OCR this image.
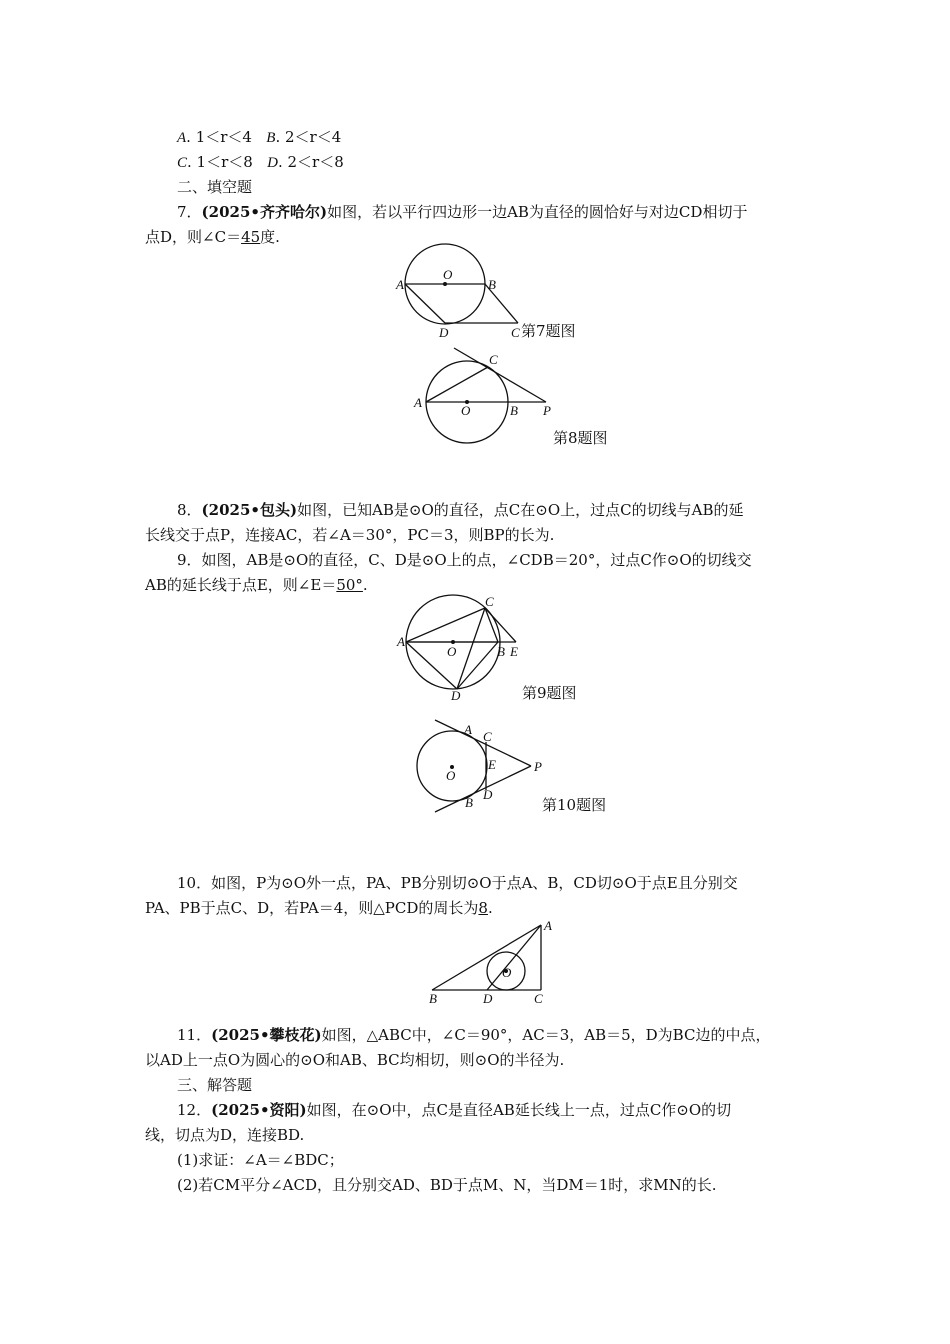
A. 1＜r＜4 B. 2＜r＜4
C. 1＜r＜8 D. 2＜r＜8
二、填空题
7．(2025•齐齐哈尔)如图，若以平行四边形一边AB为直径的圆恰好与对边CD相切于
点D，则∠C＝45度.
A
O
B
D	C 第7题图
A
O	B
C
P
第8题图
8．(2025•包头)如图，已知AB是⊙O的直径，点C在⊙O上，过点C的切线与AB的延
长线交于点P，连接AC，若∠A＝30°，PC＝3，则BP的长为.
9．如图，AB是⊙O的直径，C、D是⊙O上的点，∠CDB＝20°，过点C作⊙O的切线交
AB的延长线于点E，则∠E＝50°.
A
O	B E
C
D	第9题图
O
A C
E
D
B
P
第10题图
10．如图，P为⊙O外一点，PA、PB分别切⊙O于点A、B，CD切⊙O于点E且分别交
PA、PB于点C、D，若PA＝4，则△PCD的周长为8.
A
B	D	C
O
11．(2025•攀枝花)如图，△ABC中，∠C＝90°，AC＝3，AB＝5，D为BC边的中点，
以AD上一点O为圆心的⊙O和AB、BC均相切，则⊙O的半径为.
三、解答题
12．(2025•资阳)如图，在⊙O中，点C是直径AB延长线上一点，过点C作⊙O的切
线，切点为D，连接BD.
(1)求证：∠A＝∠BDC；
(2)若CM平分∠ACD，且分别交AD、BD于点M、N，当DM＝1时，求MN的长.
